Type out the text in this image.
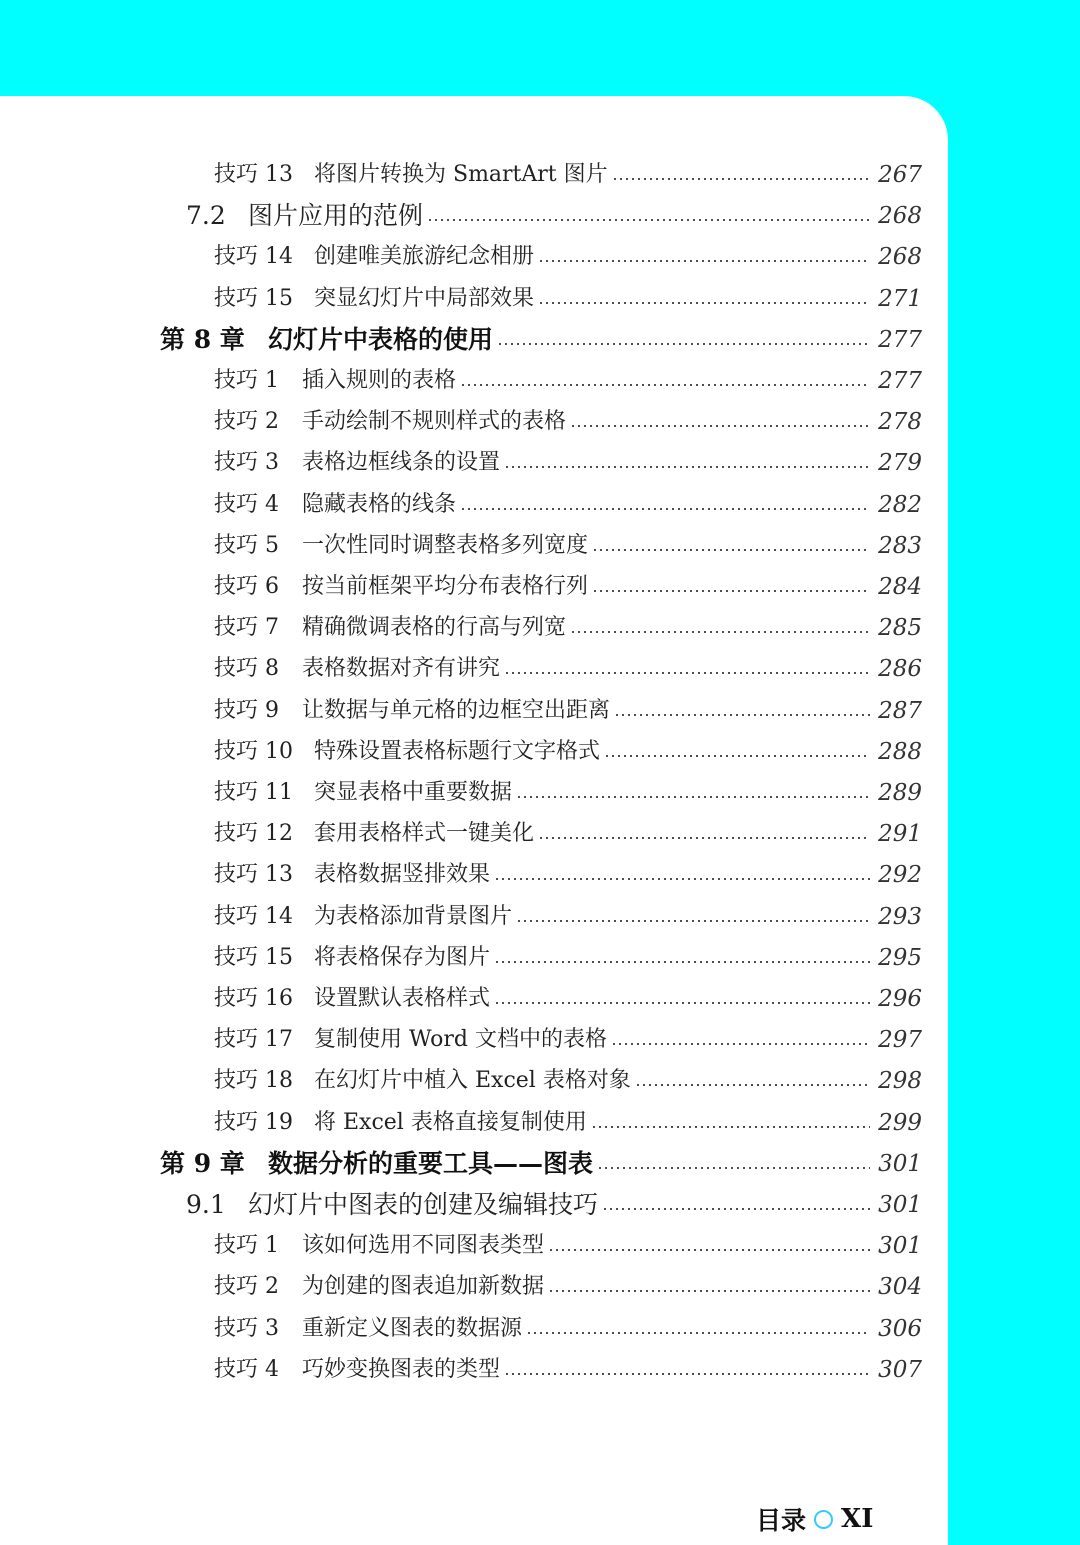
技巧 13 将图片转换为 SmartArt 图片	267
7.2 图片应用的范例	268
技巧 14 创建唯美旅游纪念相册	268
技巧 15 突显幻灯片中局部效果	271
第 8 章 幻灯片中表格的使用	277
技巧 1 插入规则的表格	277
技巧 2 手动绘制不规则样式的表格	278
技巧 3 表格边框线条的设置	279
技巧 4 隐藏表格的线条	282
技巧 5 一次性同时调整表格多列宽度	283
技巧 6 按当前框架平均分布表格行列	284
技巧 7 精确微调表格的行高与列宽	285
技巧 8 表格数据对齐有讲究	286
技巧 9 让数据与单元格的边框空出距离	287
技巧 10 特殊设置表格标题行文字格式	288
技巧 11 突显表格中重要数据	289
技巧 12 套用表格样式一键美化	291
技巧 13 表格数据竖排效果	292
技巧 14 为表格添加背景图片	293
技巧 15 将表格保存为图片	295
技巧 16 设置默认表格样式	296
技巧 17 复制使用 Word 文档中的表格	297
技巧 18 在幻灯片中植入 Excel 表格对象	298
技巧 19 将 Excel 表格直接复制使用	299
第 9 章 数据分析的重要工具——图表	301
9.1 幻灯片中图表的创建及编辑技巧	301
技巧 1 该如何选用不同图表类型	301
技巧 2 为创建的图表追加新数据	304
技巧 3 重新定义图表的数据源	306
技巧 4 巧妙变换图表的类型	307
目录 XI
